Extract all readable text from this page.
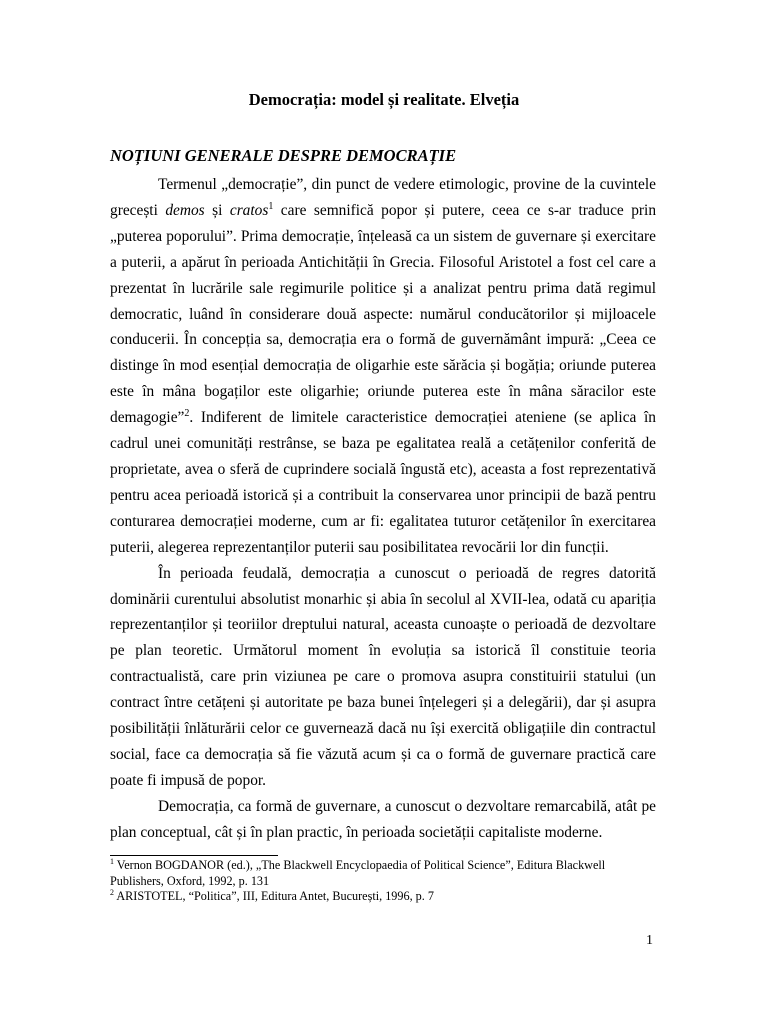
Democrația: model și realitate. Elveția
NOȚIUNI GENERALE DESPRE DEMOCRAȚIE

Termenul „democrație”, din punct de vedere etimologic, provine de la cuvintele grecești demos și cratos$^1$ care semnifică popor și putere, ceea ce s-ar traduce prin „puterea poporului”. Prima democrație, înțeleasă ca un sistem de guvernare și exercitare a puterii, a apărut în perioada Antichității în Grecia. Filosoful Aristotel a fost cel care a prezentat în lucrările sale regimurile politice și a analizat pentru prima dată regimul democratic, luând în considerare două aspecte: numărul conducătorilor și mijloacele conducerii. În concepția sa, democrația era o formă de guvernământ impură: „Ceea ce distinge în mod esențial democrația de oligarhie este sărăcia și bogăția; oriunde puterea este în mâna bogaților este oligarhie; oriunde puterea este în mâna săracilor este demagogie”$^2$. Indiferent de limitele caracteristice democrației ateniene (se aplica în cadrul unei comunități restrânse, se baza pe egalitatea reală a cetățenilor conferită de proprietate, avea o sferă de cuprindere socială îngustă etc), aceasta a fost reprezentativă pentru acea perioadă istorică și a contribuit la conservarea unor principii de bază pentru conturarea democrației moderne, cum ar fi: egalitatea tuturor cetățenilor în exercitarea puterii, alegerea reprezentanților puterii sau posibilitatea revocării lor din funcții.

În perioada feudală, democrația a cunoscut o perioadă de regres datorită dominării curentului absolutist monarhic și abia în secolul al XVII-lea, odată cu apariția reprezentanților și teoriilor dreptului natural, aceasta cunoaște o perioadă de dezvoltare pe plan teoretic. Următorul moment în evoluția sa istorică îl constituie teoria contractualistă, care prin viziunea pe care o promova asupra constituirii statului (un contract între cetățeni și autoritate pe baza bunei înțelegeri și a delegării), dar și asupra posibilității înlăturării celor ce guvernează dacă nu își exercită obligațiile din contractul social, face ca democrația să fie văzută acum și ca o formă de guvernare practică care poate fi impusă de popor.

Democrația, ca formă de guvernare, a cunoscut o dezvoltare remarcabilă, atât pe plan conceptual, cât și în plan practic, în perioada societății capitaliste moderne.

$^1$ Vernon BOGDANOR (ed.), „The Blackwell Encyclopaedia of Political Science”, Editura Blackwell Publishers, Oxford, 1992, p. 131
$^2$ ARISTOTEL, “Politica”, III, Editura Antet, București, 1996, p. 7
1
